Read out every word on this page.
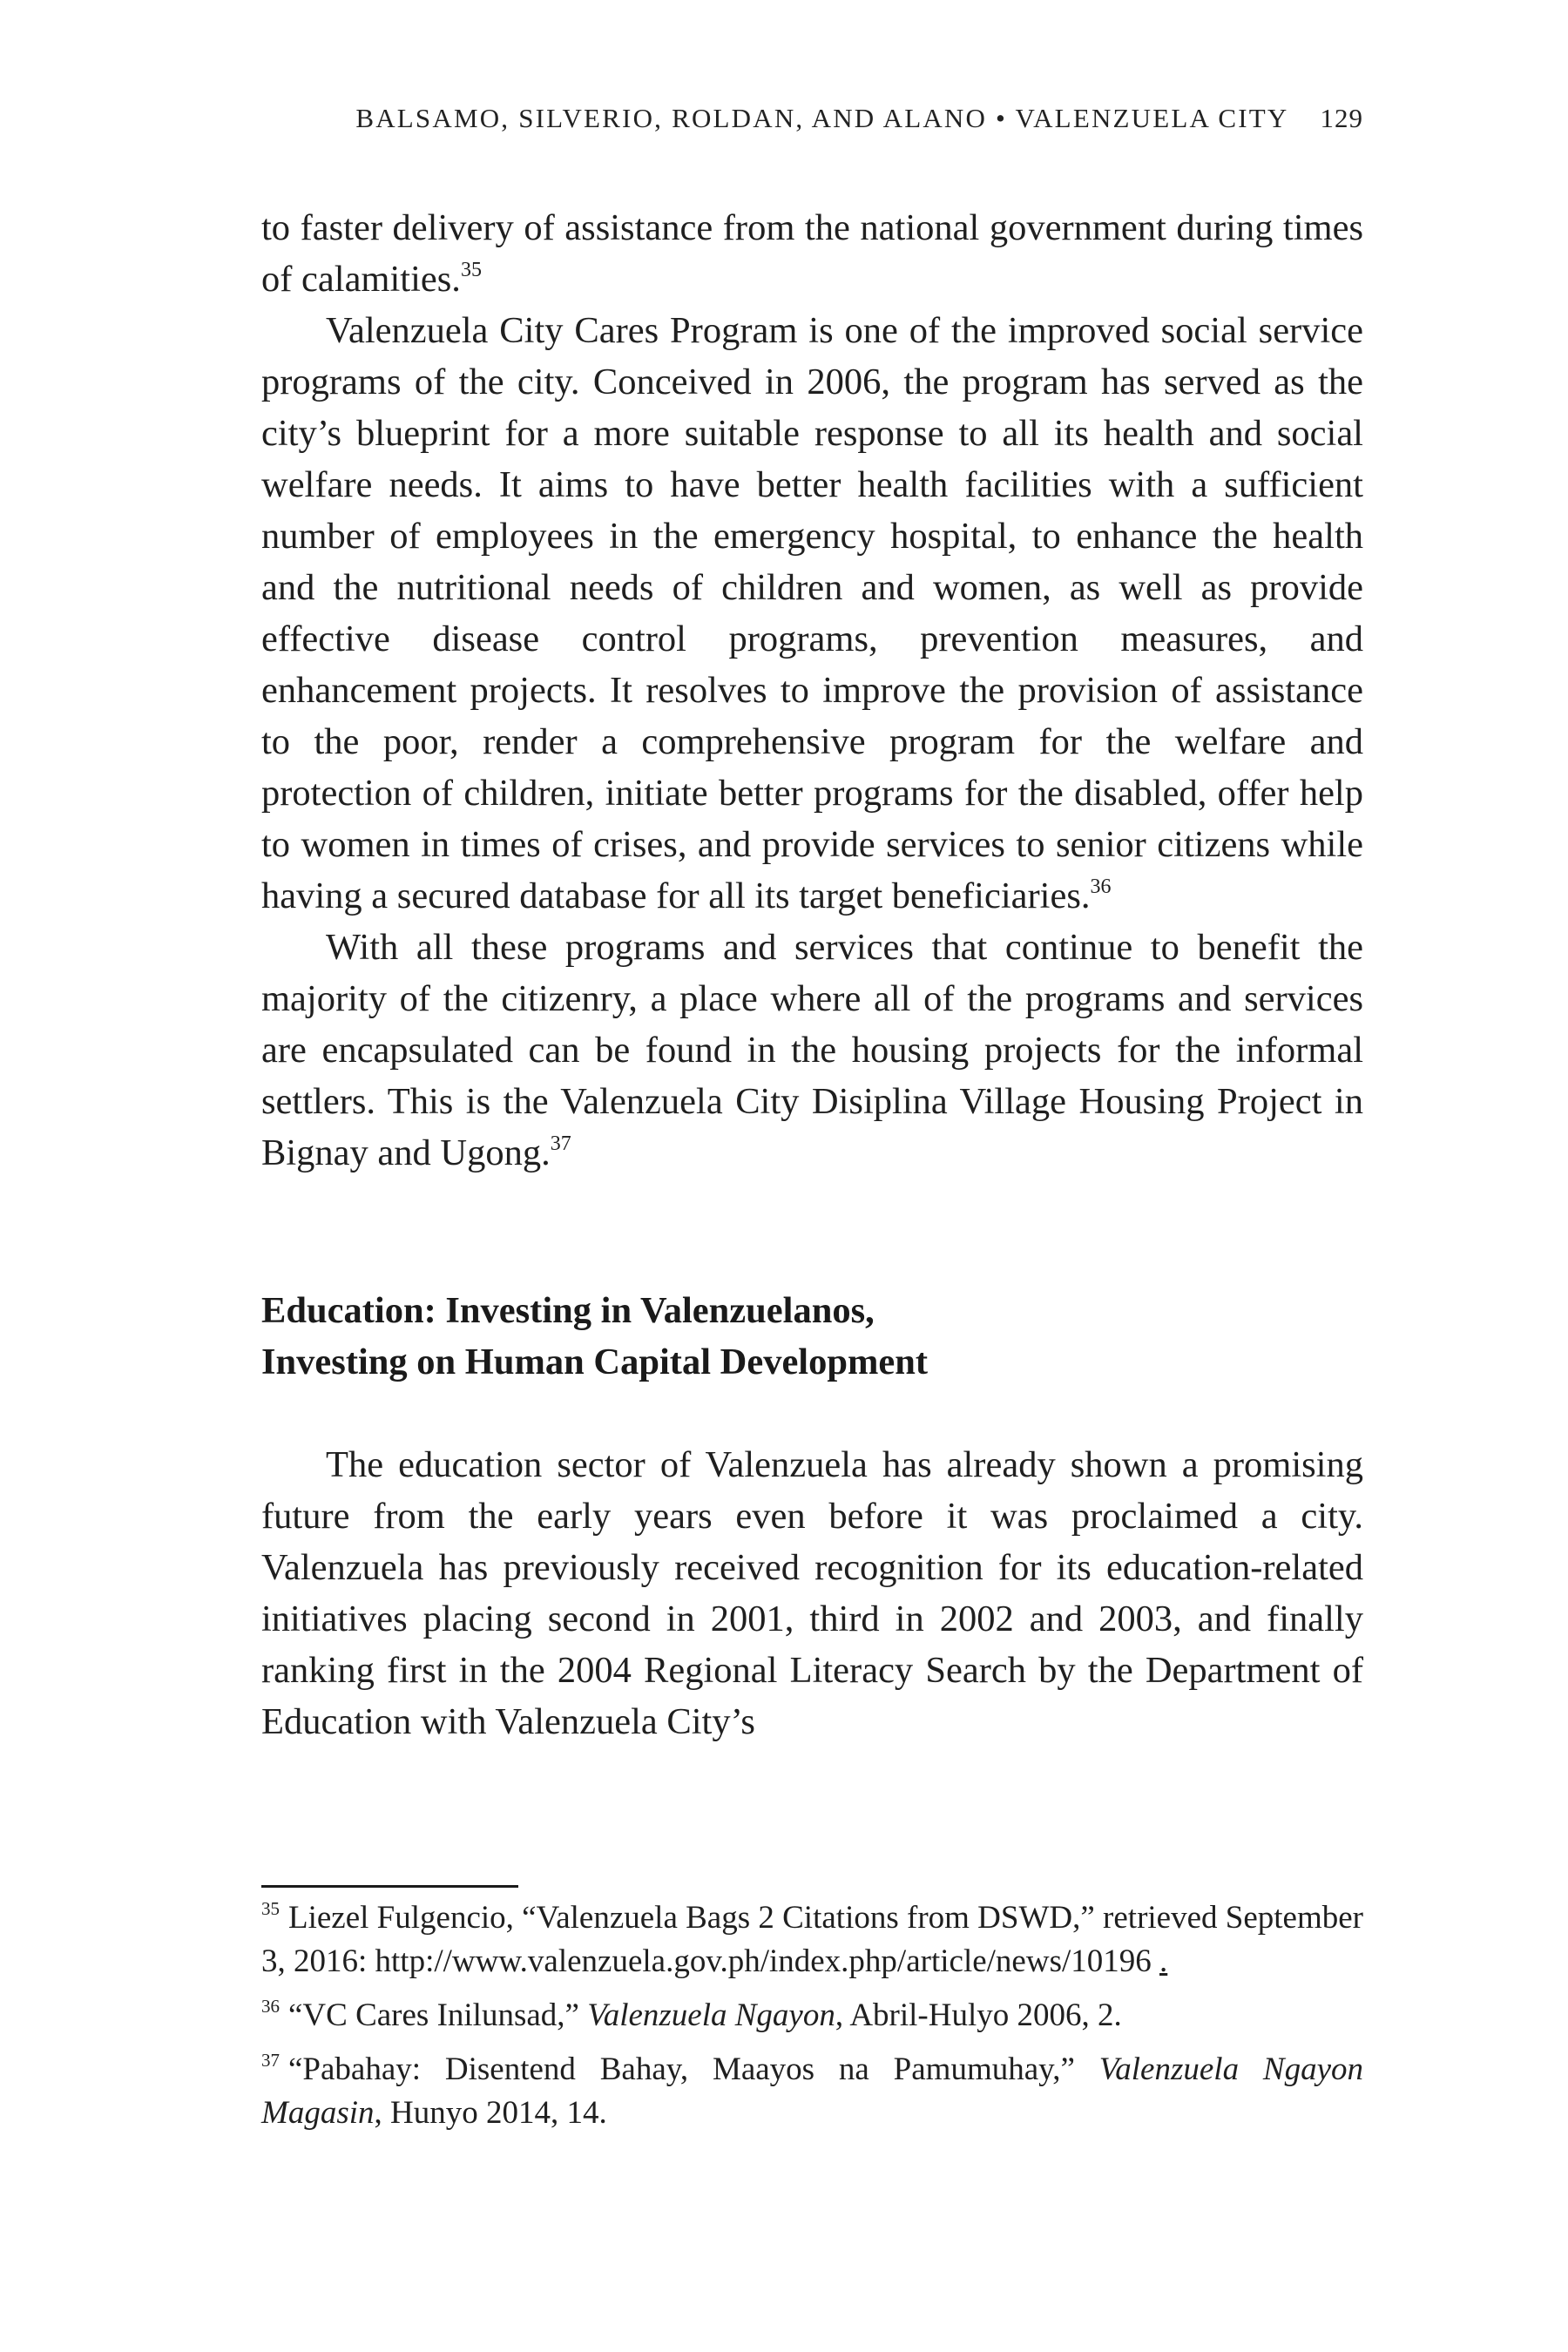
BALSAMO, SILVERIO, ROLDAN, AND ALANO • VALENZUELA CITY 129

to faster delivery of assistance from the national government during times of calamities.$^{35}$

Valenzuela City Cares Program is one of the improved social service programs of the city. Conceived in 2006, the program has served as the city’s blueprint for a more suitable response to all its health and social welfare needs. It aims to have better health facilities with a sufficient number of employees in the emergency hospital, to enhance the health and the nutritional needs of children and women, as well as provide effective disease control programs, prevention measures, and enhancement projects. It resolves to improve the provision of assistance to the poor, render a comprehensive program for the welfare and protection of children, initiate better programs for the disabled, offer help to women in times of crises, and provide services to senior citizens while having a secured database for all its target beneficiaries.$^{36}$

With all these programs and services that continue to benefit the majority of the citizenry, a place where all of the programs and services are encapsulated can be found in the housing projects for the informal settlers. This is the Valenzuela City Disiplina Village Housing Project in Bignay and Ugong.$^{37}$

Education: Investing in Valenzuelanos,
Investing on Human Capital Development

The education sector of Valenzuela has already shown a promising future from the early years even before it was proclaimed a city. Valenzuela has previously received recognition for its education-related initiatives placing second in 2001, third in 2002 and 2003, and finally ranking first in the 2004 Regional Literacy Search by the Department of Education with Valenzuela City’s

$^{35}$ Liezel Fulgencio, “Valenzuela Bags 2 Citations from DSWD,” retrieved September 3, 2016: http://www.valenzuela.gov.ph/index.php/article/news/10196 .

$^{36}$ “VC Cares Inilunsad,” Valenzuela Ngayon, Abril-Hulyo 2006, 2.

$^{37}$ “Pabahay: Disentend Bahay, Maayos na Pamumuhay,” Valenzuela Ngayon Magasin, Hunyo 2014, 14.
